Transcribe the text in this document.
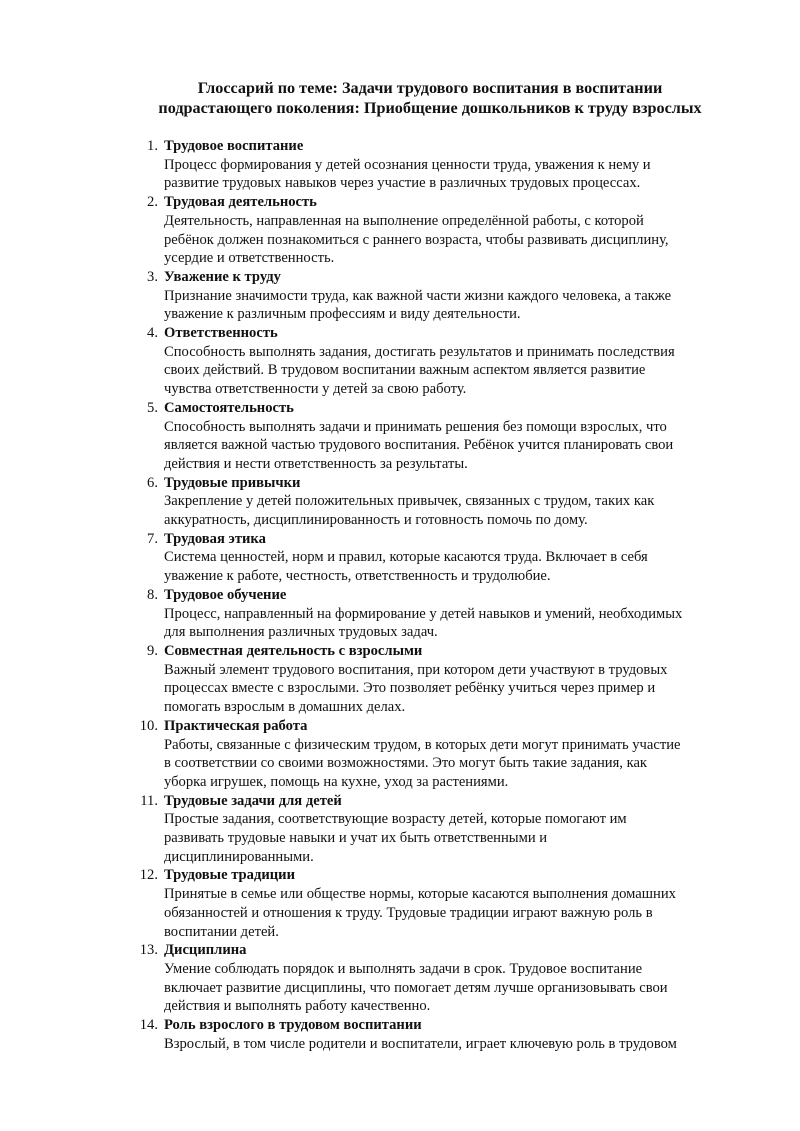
Глоссарий по теме: Задачи трудового воспитания в воспитании
подрастающего поколения: Приобщение дошкольников к труду взрослых
1. Трудовое воспитание
Процесс формирования у детей осознания ценности труда, уважения к нему и
развитие трудовых навыков через участие в различных трудовых процессах.
2. Трудовая деятельность
Деятельность, направленная на выполнение определённой работы, с которой
ребёнок должен познакомиться с раннего возраста, чтобы развивать дисциплину,
усердие и ответственность.
3. Уважение к труду
Признание значимости труда, как важной части жизни каждого человека, а также
уважение к различным профессиям и виду деятельности.
4. Ответственность
Способность выполнять задания, достигать результатов и принимать последствия
своих действий. В трудовом воспитании важным аспектом является развитие
чувства ответственности у детей за свою работу.
5. Самостоятельность
Способность выполнять задачи и принимать решения без помощи взрослых, что
является важной частью трудового воспитания. Ребёнок учится планировать свои
действия и нести ответственность за результаты.
6. Трудовые привычки
Закрепление у детей положительных привычек, связанных с трудом, таких как
аккуратность, дисциплинированность и готовность помочь по дому.
7. Трудовая этика
Система ценностей, норм и правил, которые касаются труда. Включает в себя
уважение к работе, честность, ответственность и трудолюбие.
8. Трудовое обучение
Процесс, направленный на формирование у детей навыков и умений, необходимых
для выполнения различных трудовых задач.
9. Совместная деятельность с взрослыми
Важный элемент трудового воспитания, при котором дети участвуют в трудовых
процессах вместе с взрослыми. Это позволяет ребёнку учиться через пример и
помогать взрослым в домашних делах.
10. Практическая работа
Работы, связанные с физическим трудом, в которых дети могут принимать участие
в соответствии со своими возможностями. Это могут быть такие задания, как
уборка игрушек, помощь на кухне, уход за растениями.
11. Трудовые задачи для детей
Простые задания, соответствующие возрасту детей, которые помогают им
развивать трудовые навыки и учат их быть ответственными и
дисциплинированными.
12. Трудовые традиции
Принятые в семье или обществе нормы, которые касаются выполнения домашних
обязанностей и отношения к труду. Трудовые традиции играют важную роль в
воспитании детей.
13. Дисциплина
Умение соблюдать порядок и выполнять задачи в срок. Трудовое воспитание
включает развитие дисциплины, что помогает детям лучше организовывать свои
действия и выполнять работу качественно.
14. Роль взрослого в трудовом воспитании
Взрослый, в том числе родители и воспитатели, играет ключевую роль в трудовом
